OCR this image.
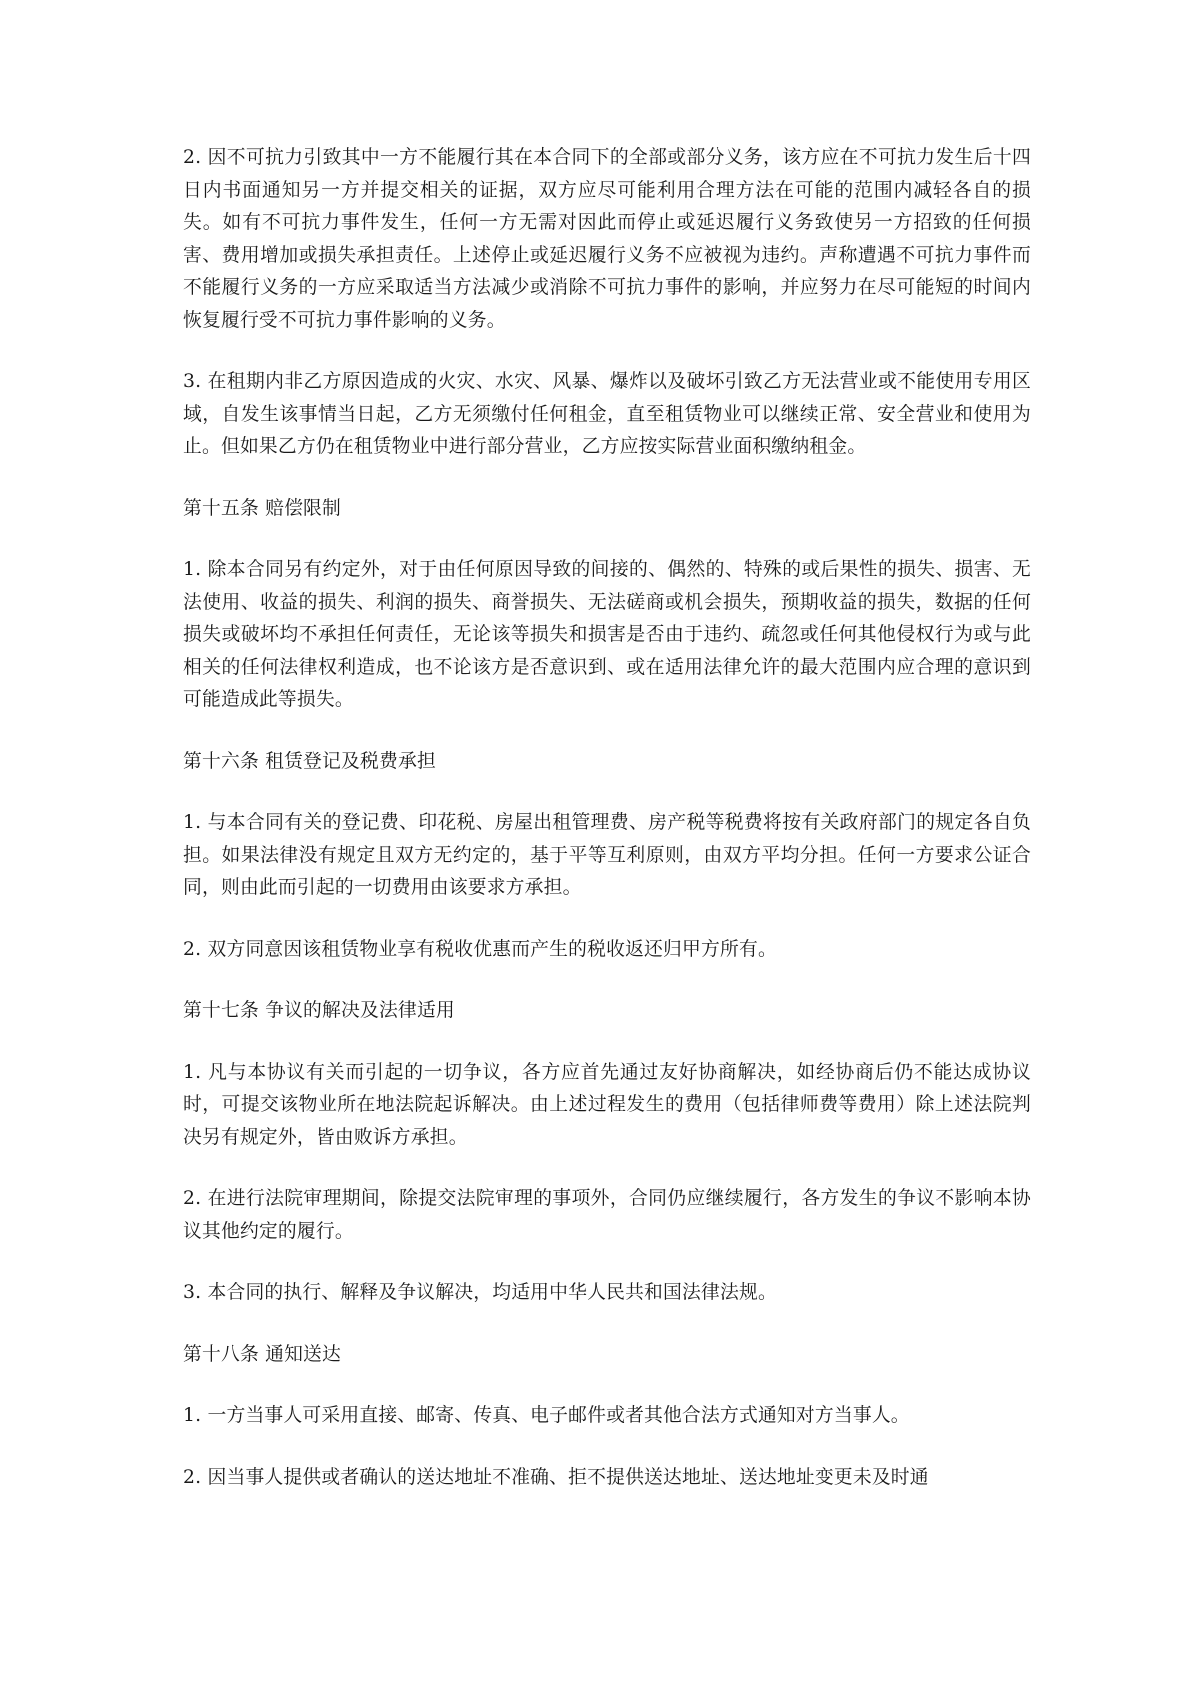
2. 因不可抗力引致其中一方不能履行其在本合同下的全部或部分义务，该方应在不可抗力发生后十四日内书面通知另一方并提交相关的证据，双方应尽可能利用合理方法在可能的范围内减轻各自的损失。如有不可抗力事件发生，任何一方无需对因此而停止或延迟履行义务致使另一方招致的任何损害、费用增加或损失承担责任。上述停止或延迟履行义务不应被视为违约。声称遭遇不可抗力事件而不能履行义务的一方应采取适当方法减少或消除不可抗力事件的影响，并应努力在尽可能短的时间内恢复履行受不可抗力事件影响的义务。

3. 在租期内非乙方原因造成的火灾、水灾、风暴、爆炸以及破坏引致乙方无法营业或不能使用专用区域，自发生该事情当日起，乙方无须缴付任何租金，直至租赁物业可以继续正常、安全营业和使用为止。但如果乙方仍在租赁物业中进行部分营业，乙方应按实际营业面积缴纳租金。

第十五条 赔偿限制

1. 除本合同另有约定外，对于由任何原因导致的间接的、偶然的、特殊的或后果性的损失、损害、无法使用、收益的损失、利润的损失、商誉损失、无法磋商或机会损失，预期收益的损失，数据的任何损失或破坏均不承担任何责任，无论该等损失和损害是否由于违约、疏忽或任何其他侵权行为或与此相关的任何法律权利造成，也不论该方是否意识到、或在适用法律允许的最大范围内应合理的意识到可能造成此等损失。

第十六条 租赁登记及税费承担

1. 与本合同有关的登记费、印花税、房屋出租管理费、房产税等税费将按有关政府部门的规定各自负担。如果法律没有规定且双方无约定的，基于平等互利原则，由双方平均分担。任何一方要求公证合同，则由此而引起的一切费用由该要求方承担。

2. 双方同意因该租赁物业享有税收优惠而产生的税收返还归甲方所有。

第十七条 争议的解决及法律适用

1. 凡与本协议有关而引起的一切争议，各方应首先通过友好协商解决，如经协商后仍不能达成协议时，可提交该物业所在地法院起诉解决。由上述过程发生的费用（包括律师费等费用）除上述法院判决另有规定外，皆由败诉方承担。

2. 在进行法院审理期间，除提交法院审理的事项外，合同仍应继续履行，各方发生的争议不影响本协议其他约定的履行。

3. 本合同的执行、解释及争议解决，均适用中华人民共和国法律法规。

第十八条 通知送达

1. 一方当事人可采用直接、邮寄、传真、电子邮件或者其他合法方式通知对方当事人。

2. 因当事人提供或者确认的送达地址不准确、拒不提供送达地址、送达地址变更未及时通
